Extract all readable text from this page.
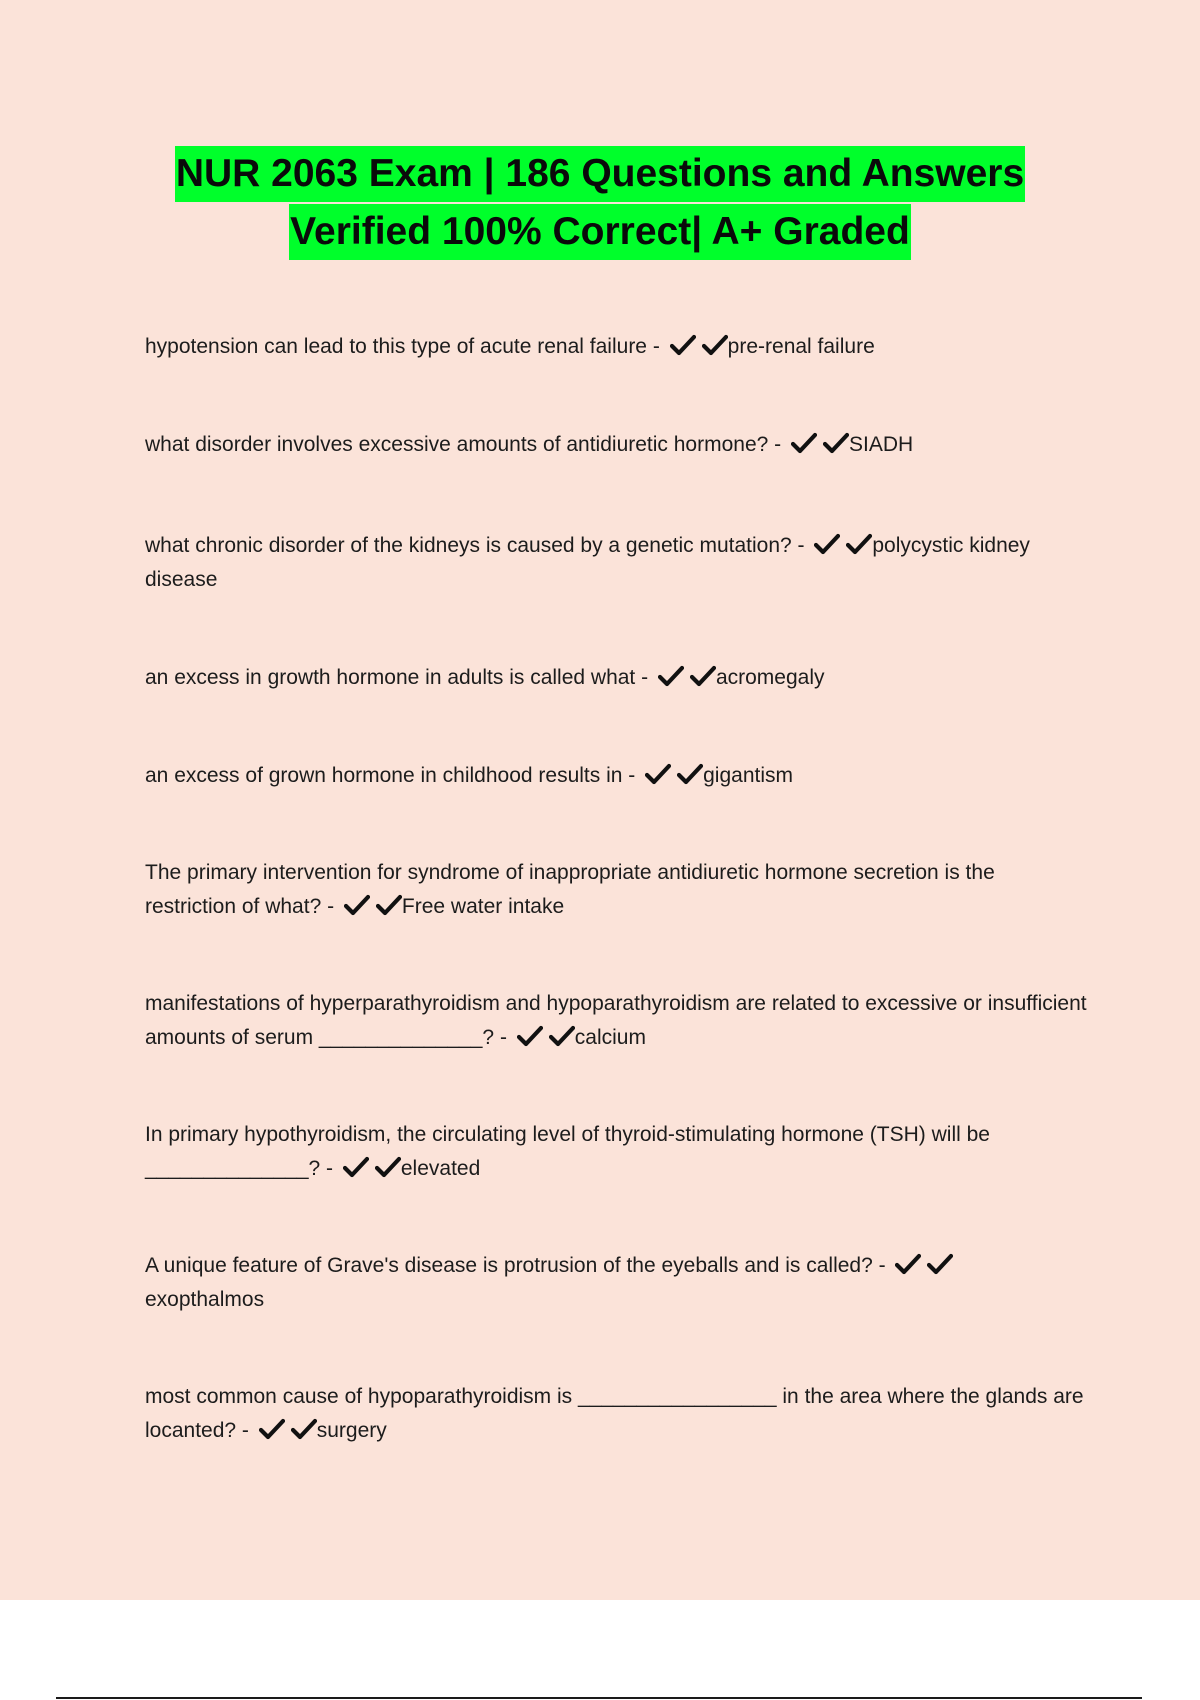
NUR 2063 Exam | 186 Questions and Answers
Verified 100% Correct| A+ Graded
hypotension can lead to this type of acute renal failure -	pre-renal failure
what disorder involves excessive amounts of antidiuretic hormone? -	SIADH
what chronic disorder of the kidneys is caused by a genetic mutation? -	polycystic kidney disease
an excess in growth hormone in adults is called what -	acromegaly
an excess of grown hormone in childhood results in -	gigantism
The primary intervention for syndrome of inappropriate antidiuretic hormone secretion is the restriction of what? -	Free water intake
manifestations of hyperparathyroidism and hypoparathyroidism are related to excessive or insufficient amounts of serum ______________? -	calcium
In primary hypothyroidism, the circulating level of thyroid-stimulating hormone (TSH) will be ______________? -	elevated
A unique feature of Grave's disease is protrusion of the eyeballs and is called? -
exopthalmos
most common cause of hypoparathyroidism is _________________ in the area where the glands are locanted? -	surgery
